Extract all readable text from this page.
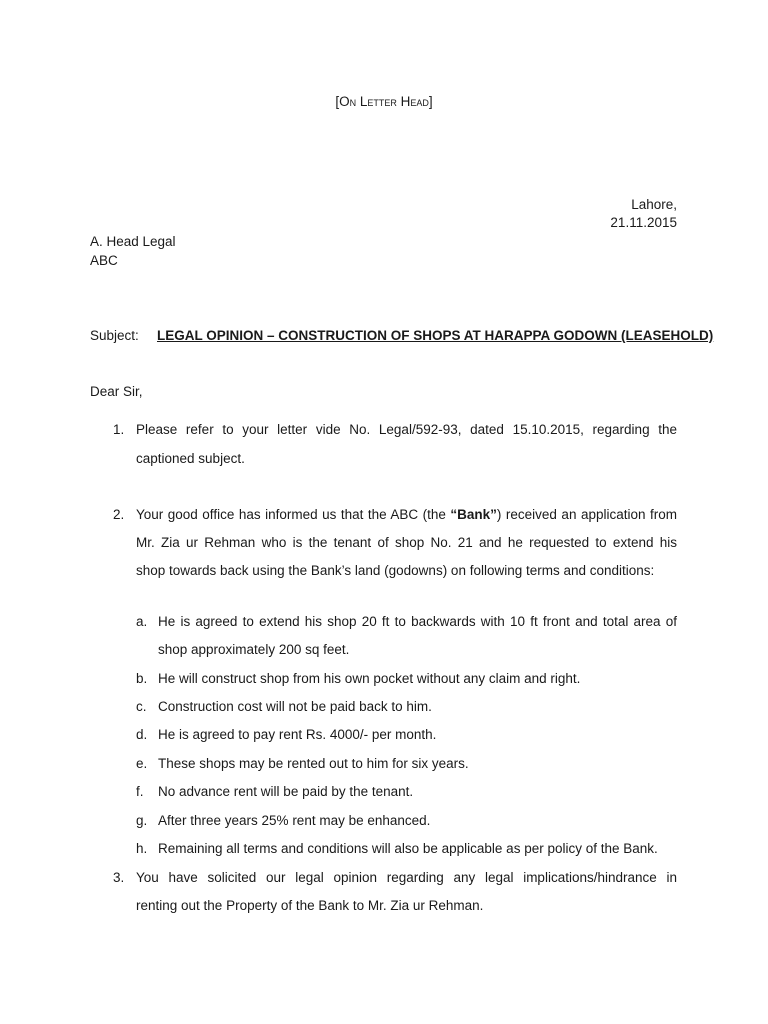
[On Letter Head]
Lahore,
21.11.2015
A. Head Legal
ABC
Subject: LEGAL OPINION – CONSTRUCTION OF SHOPS AT HARAPPA GODOWN (LEASEHOLD)
Dear Sir,
1. Please refer to your letter vide No. Legal/592-93, dated 15.10.2015, regarding the
captioned subject.
2. Your good office has informed us that the ABC (the “Bank”) received an application from
Mr. Zia ur Rehman who is the tenant of shop No. 21 and he requested to extend his
shop towards back using the Bank’s land (godowns) on following terms and conditions:
a. He is agreed to extend his shop 20 ft to backwards with 10 ft front and total area of
shop approximately 200 sq feet.
b. He will construct shop from his own pocket without any claim and right.
c. Construction cost will not be paid back to him.
d. He is agreed to pay rent Rs. 4000/- per month.
e. These shops may be rented out to him for six years.
f. No advance rent will be paid by the tenant.
g. After three years 25% rent may be enhanced.
h. Remaining all terms and conditions will also be applicable as per policy of the Bank.
3. You have solicited our legal opinion regarding any legal implications/hindrance in
renting out the Property of the Bank to Mr. Zia ur Rehman.
